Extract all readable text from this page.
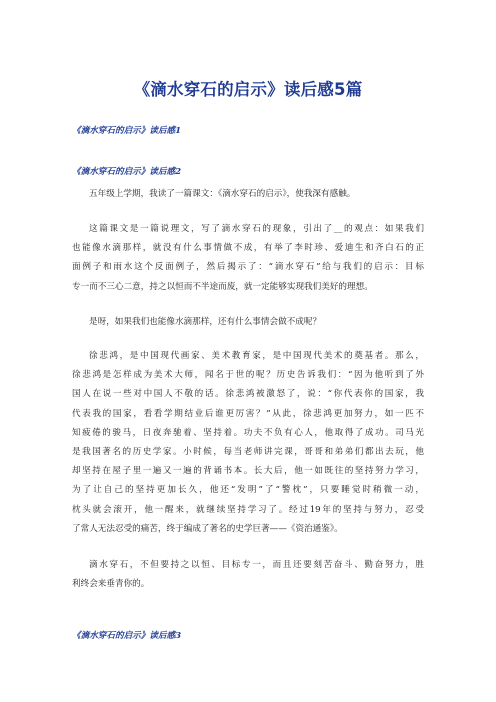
《滴水穿石的启示》读后感5篇
《滴水穿石的启示》读后感1
《滴水穿石的启示》读后感2
五年级上学期，我读了一篇课文：《滴水穿石的启示》，使我深有感触。
这篇课文是一篇说理文，写了滴水穿石的现象，引出了__的观点：如果我们
也能像水滴那样，就没有什么事情做不成，有举了李时珍、爱迪生和齐白石的正
面例子和雨水这个反面例子，然后揭示了：“滴水穿石”给与我们的启示：目标
专一而不三心二意，持之以恒而不半途而废，就一定能够实现我们美好的理想。
是呀，如果我们也能像水滴那样，还有什么事情会做不成呢？
徐悲鸿，是中国现代画家、美术教育家，是中国现代美术的奠基者。那么，
徐悲鸿是怎样成为美术大师，闻名于世的呢？历史告诉我们：“因为他听到了外
国人在说一些对中国人不敬的话。徐悲鸿被激怒了，说：“你代表你的国家，我
代表我的国家，看看学期结业后谁更厉害？”从此，徐悲鸿更加努力，如一匹不
知疲倦的骏马，日夜奔驰着、坚持着。功夫不负有心人，他取得了成功。司马光
是我国著名的历史学家。小时候，每当老师讲完课，哥哥和弟弟们都出去玩，他
却坚持在屋子里一遍又一遍的背诵书本。长大后，他一如既往的坚持努力学习，
为了让自己的坚持更加长久，他还“发明”了“警枕”，只要睡觉时稍微一动，
枕头就会滚开，他一醒来，就继续坚持学习了。经过19年的坚持与努力，忍受
了常人无法忍受的痛苦，终于编成了著名的史学巨著——《资治通鉴》。
滴水穿石，不但要持之以恒、目标专一，而且还要刻苦奋斗、勤奋努力，胜
利终会来垂青你的。
《滴水穿石的启示》读后感3
